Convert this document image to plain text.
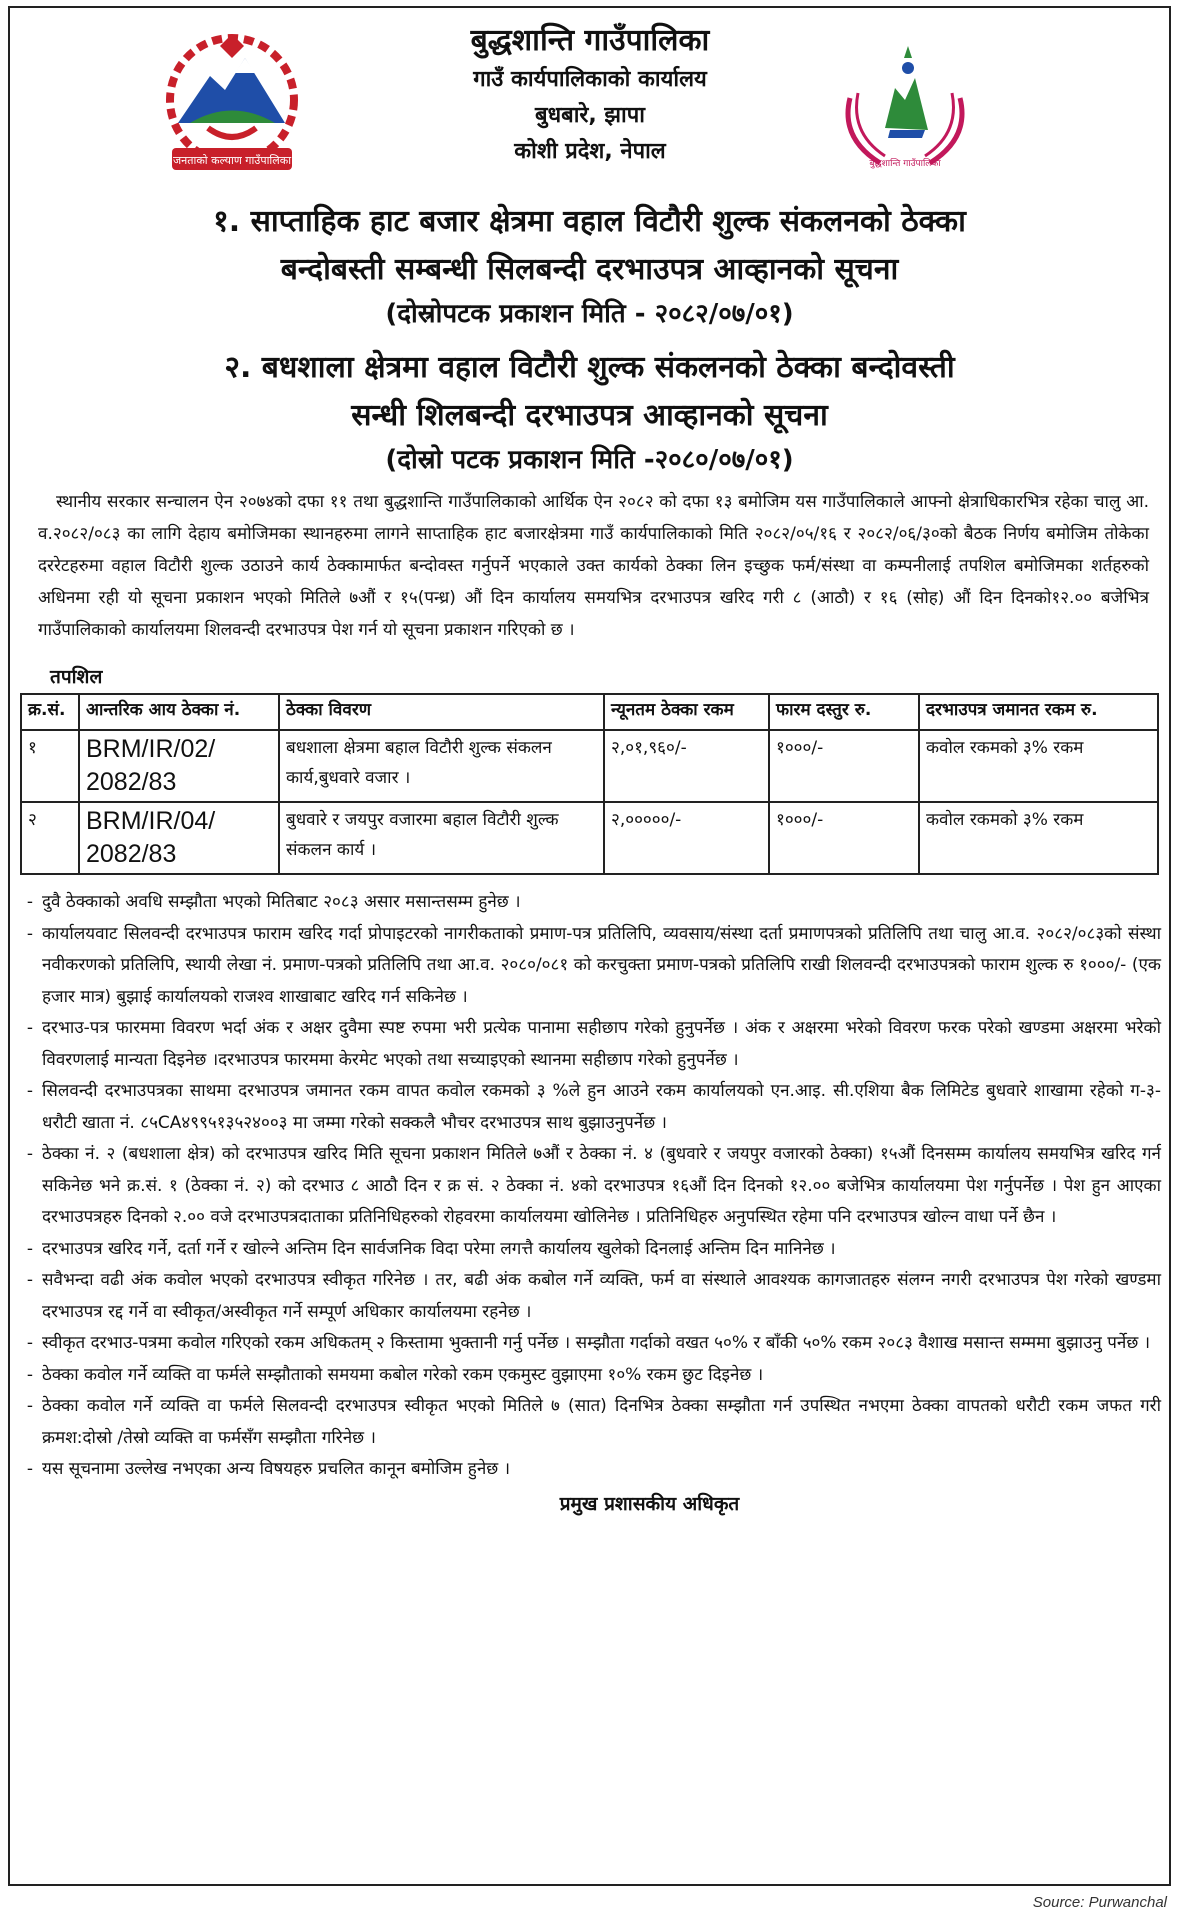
जनताको कल्याण गाउँपालिका
बुद्धशान्ति गाउँपालिका
गाउँ कार्यपालिकाको कार्यालय
बुधबारे, झापा
कोशी प्रदेश, नेपाल	बुद्धशान्ति गाउँपालिका
१. साप्ताहिक हाट बजार क्षेत्रमा वहाल विटौरी शुल्क संकलनको ठेक्का
बन्दोबस्ती सम्बन्धी सिलबन्दी दरभाउपत्र आव्हानको सूचना
(दोस्रोपटक प्रकाशन मिति - २०८२/०७/०१)
२. बधशाला क्षेत्रमा वहाल विटौरी शुल्क संकलनको ठेक्का बन्दोवस्ती
सन्धी शिलबन्दी दरभाउपत्र आव्हानको सूचना
(दोस्रो पटक प्रकाशन मिति -२०८०/०७/०१)

स्थानीय सरकार सन्चालन ऐन २०७४को दफा ११ तथा बुद्धशान्ति गाउँपालिकाको आर्थिक ऐन २०८२ को दफा १३ बमोजिम यस गाउँपालिकाले आफ्नो क्षेत्राधिकारभित्र रहेका चालु आ. व.२०८२/०८३ का लागि देहाय बमोजिमका स्थानहरुमा लागने साप्ताहिक हाट बजारक्षेत्रमा गाउँ कार्यपालिकाको मिति २०८२/०५/१६ र २०८२/०६/३०को बैठक निर्णय बमोजिम तोकेका दररेटहरुमा वहाल विटौरी शुल्क उठाउने कार्य ठेक्कामार्फत बन्दोवस्त गर्नुपर्ने भएकाले उक्त कार्यको ठेक्का लिन इच्छुक फर्म/संस्था वा कम्पनीलाई तपशिल बमोजिमका शर्तहरुको अधिनमा रही यो सूचना प्रकाशन भएको मितिले ७औं र १५(पन्ध्र) औं दिन कार्यालय समयभित्र दरभाउपत्र खरिद गरी ८ (आठौ) र १६ (सोह) औं दिन दिनको१२.०० बजेभित्र गाउँपालिकाको कार्यालयमा शिलवन्दी दरभाउपत्र पेश गर्न यो सूचना प्रकाशन गरिएको छ ।

तपशिल
क्र.सं.	आन्तरिक आय ठेक्का नं.	ठेक्का विवरण	न्यूनतम ठेक्का रकम	फारम दस्तुर रु.	दरभाउपत्र जमानत रकम रु.
१	BRM/IR/02/ 2082/83	बधशाला क्षेत्रमा बहाल विटौरी शुल्क संकलन कार्य,बुधवारे वजार ।	२,०१,९६०/-	१०००/-	कवोल रकमको ३% रकम
२	BRM/IR/04/ 2082/83	बुधवारे र जयपुर वजारमा बहाल विटौरी शुल्क संकलन कार्य ।	२,०००००/-	१०००/-	कवोल रकमको ३% रकम
- दुवै ठेक्काको अवधि सम्झौता भएको मितिबाट २०८३ असार मसान्तसम्म हुनेछ ।
- कार्यालयवाट सिलवन्दी दरभाउपत्र फाराम खरिद गर्दा प्रोपाइटरको नागरीकताको प्रमाण-पत्र प्रतिलिपि, व्यवसाय/संस्था दर्ता प्रमाणपत्रको प्रतिलिपि तथा चालु आ.व. २०८२/०८३को संस्था नवीकरणको प्रतिलिपि, स्थायी लेखा नं. प्रमाण-पत्रको प्रतिलिपि तथा आ.व. २०८०/०८१ को करचुक्ता प्रमाण-पत्रको प्रतिलिपि राखी शिलवन्दी दरभाउपत्रको फाराम शुल्क रु १०००/- (एक हजार मात्र) बुझाई कार्यालयको राजश्व शाखाबाट खरिद गर्न सकिनेछ ।
- दरभाउ-पत्र फारममा विवरण भर्दा अंक र अक्षर दुवैमा स्पष्ट रुपमा भरी प्रत्येक पानामा सहीछाप गरेको हुनुपर्नेछ । अंक र अक्षरमा भरेको विवरण फरक परेको खण्डमा अक्षरमा भरेको विवरणलाई मान्यता दिइनेछ ।दरभाउपत्र फारममा केरमेट भएको तथा सच्याइएको स्थानमा सहीछाप गरेको हुनुपर्नेछ ।
- सिलवन्दी दरभाउपत्रका साथमा दरभाउपत्र जमानत रकम वापत कवोल रकमको ३ %ले हुन आउने रकम कार्यालयको एन.आइ. सी.एशिया बैक लिमिटेड बुधवारे शाखामा रहेको ग-३- धरौटी खाता नं. ८५CA४९९५१३५२४००३ मा जम्मा गरेको सक्कलै भौचर दरभाउपत्र साथ बुझाउनुपर्नेछ ।
- ठेक्का नं. २ (बधशाला क्षेत्र) को दरभाउपत्र खरिद मिति सूचना प्रकाशन मितिले ७औं र ठेक्का नं. ४ (बुधवारे र जयपुर वजारको ठेक्का) १५औं दिनसम्म कार्यालय समयभित्र खरिद गर्न सकिनेछ भने क्र.सं. १ (ठेक्का नं. २) को दरभाउ ८ आठौ दिन र क्र सं. २ ठेक्का नं. ४को दरभाउपत्र १६औं दिन दिनको १२.०० बजेभित्र कार्यालयमा पेश गर्नुपर्नेछ । पेश हुन आएका दरभाउपत्रहरु दिनको २.०० वजे दरभाउपत्रदाताका प्रतिनिधिहरुको रोहवरमा कार्यालयमा खोलिनेछ । प्रतिनिधिहरु अनुपस्थित रहेमा पनि दरभाउपत्र खोल्न वाधा पर्ने छैन ।
- दरभाउपत्र खरिद गर्ने, दर्ता गर्ने र खोल्ने अन्तिम दिन सार्वजनिक विदा परेमा लगत्तै कार्यालय खुलेको दिनलाई अन्तिम दिन मानिनेछ ।
- सवैभन्दा वढी अंक कवोल भएको दरभाउपत्र स्वीकृत गरिनेछ । तर, बढी अंक कबोल गर्ने व्यक्ति, फर्म वा संस्थाले आवश्यक कागजातहरु संलग्न नगरी दरभाउपत्र पेश गरेको खण्डमा दरभाउपत्र रद्द गर्ने वा स्वीकृत/अस्वीकृत गर्ने सम्पूर्ण अधिकार कार्यालयमा रहनेछ ।
- स्वीकृत दरभाउ-पत्रमा कवोल गरिएको रकम अधिकतम् २ किस्तामा भुक्तानी गर्नु पर्नेछ । सम्झौता गर्दाको वखत ५०% र बाँकी ५०% रकम २०८३ वैशाख मसान्त सम्ममा बुझाउनु पर्नेछ ।
- ठेक्का कवोल गर्ने व्यक्ति वा फर्मले सम्झौताको समयमा कबोल गरेको रकम एकमुस्ट वुझाएमा १०% रकम छुट दिइनेछ ।
- ठेक्का कवोल गर्ने व्यक्ति वा फर्मले सिलवन्दी दरभाउपत्र स्वीकृत भएको मितिले ७ (सात) दिनभित्र ठेक्का सम्झौता गर्न उपस्थित नभएमा ठेक्का वापतको धरौटी रकम जफत गरी क्रमश:दोस्रो /तेस्रो व्यक्ति वा फर्मसँग सम्झौता गरिनेछ ।
- यस सूचनामा उल्लेख नभएका अन्य विषयहरु प्रचलित कानून बमोजिम हुनेछ ।
प्रमुख प्रशासकीय अधिकृत
Source: Purwanchal
